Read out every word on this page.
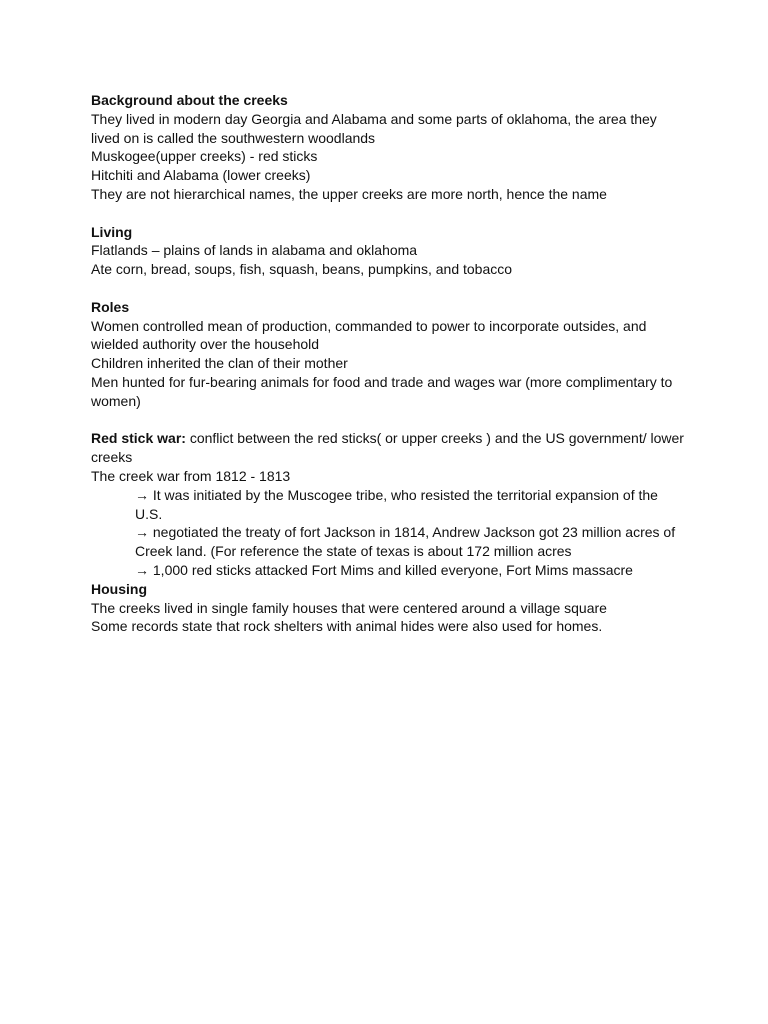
Background about the creeks
They lived in modern day Georgia and Alabama and some parts of oklahoma, the area they
lived on is called the southwestern woodlands
Muskogee(upper creeks) - red sticks
Hitchiti and Alabama (lower creeks)
They are not hierarchical names, the upper creeks are more north, hence the name
Living
Flatlands – plains of lands in alabama and oklahoma
Ate corn, bread, soups, fish, squash, beans, pumpkins, and tobacco
Roles
Women controlled mean of production, commanded to power to incorporate outsides, and
wielded authority over the household
Children inherited the clan of their mother
Men hunted for fur-bearing animals for food and trade and wages war (more complimentary to
women)
Red stick war: conflict between the red sticks( or upper creeks ) and the US government/ lower
creeks
The creek war from 1812 - 1813
→ It was initiated by the Muscogee tribe, who resisted the territorial expansion of the
U.S.
→ negotiated the treaty of fort Jackson in 1814, Andrew Jackson got 23 million acres of
Creek land. (For reference the state of texas is about 172 million acres
→ 1,000 red sticks attacked Fort Mims and killed everyone, Fort Mims massacre
Housing
The creeks lived in single family houses that were centered around a village square
Some records state that rock shelters with animal hides were also used for homes.
